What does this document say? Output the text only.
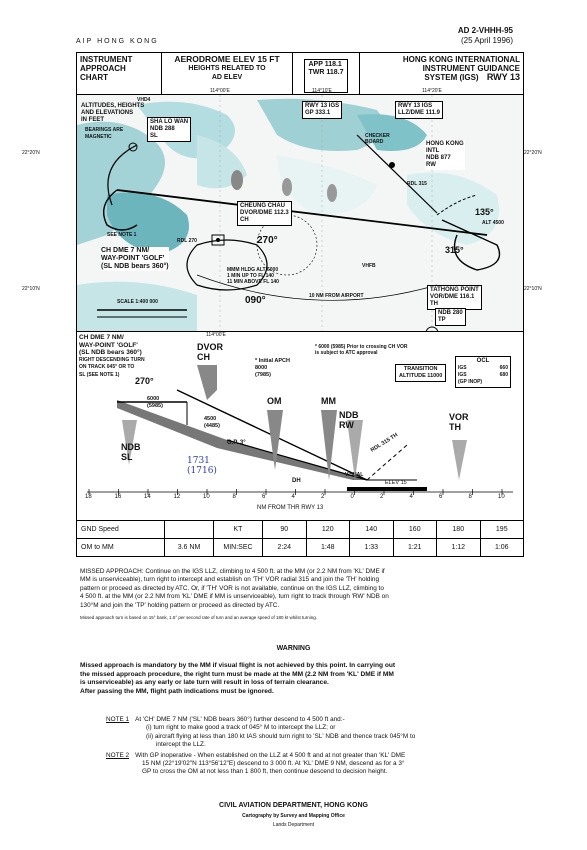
AIP HONG KONG
AD 2-VHHH-95
(25 April 1996)
INSTRUMENT
APPROACH
CHART
AERODROME ELEV 15 FT
HEIGHTS RELATED TO
AD ELEV
APP 118.1
TWR 118.7
HONG KONG INTERNATIONAL
INSTRUMENT GUIDANCE
SYSTEM (IGS) RWY 13
ALTITUDES, HEIGHTS
AND ELEVATIONS
IN FEET
BEARINGS ARE
MAGNETIC
SHA LO WAN
NDB 288
SL
RWY 13 IGS
GP 333.1
RWY 13 IGS
LLZ/DME 111.9
HONG KONG
INTL
NDB 877
RW
CHECKER
BOARD
CHEUNG CHAU
DVOR/DME 112.3
CH
SEE NOTE 1
RDL 270
CH DME 7 NM/
WAY-POINT 'GOLF'
(SL NDB bears 360°)
SCALE 1:400 000
MMM HLDG ALT 6000
1 MIN UP TO FL 140
11 MIN ABOVE FL 140
10 NM FROM AIRPORT
TATHONG POINT
VOR/DME 116.1
TH
NDB 280
TP
270°
090°
135°
315°
ALT 4500
RDL 315
VHFB
VHD4
22°20'N	22°20'N
22°10'N	22°10'N
114°00'E	114°10'E	114°20'E
114°00'E
CH DME 7 NM/
WAY-POINT 'GOLF'
(SL NDB bears 360°)
RIGHT DESCENDING TURN
ON TRACK 045° OR TO
SL (SEE NOTE 1)
DVOR
CH	* Initial APCH
8000
(7985)
* 6000 (5985) Prior to crossing CH VOR
is subject to ATC approval
TRANSITION
ALTITUDE 11000
OCL
IGS	660
IGS	680
(GP INOP)
270°
6000
(5985)
4500
(4485)
G.P. 3°
1731
(1716)
NDB
SL
OM	MM
NDB
RW
RDL 315 TH
VOR
TH
DH
VISUAL
ELEV 15
18	16	14	12	10	8	6	4	2	0	2	4	6	8	10
NM FROM THR RWY 13
GND Speed		KT	90	120	140	160	180	195
OM to MM	3.6 NM	MIN:SEC	2:24	1:48	1:33	1:21	1:12	1:06
MISSED APPROACH: Continue on the IGS LLZ, climbing to 4 500 ft. at the MM (or 2.2 NM from 'KL' DME if
MM is unserviceable), turn right to intercept and establish on 'TH' VOR radial 315 and join the 'TH' holding
pattern or proceed as directed by ATC. Or, if 'TH' VOR is not available, continue on the IGS LLZ, climbing to
4 500 ft. at the MM (or 2.2 NM from 'KL' DME if MM is unserviceable), turn right to track through 'RW' NDB on
130°M and join the 'TP' holding pattern or proceed as directed by ATC.
Missed approach turn is based on 15° bank, 1.5° per second rate of turn and an average speed of 180 kt whilst turning.
WARNING
Missed approach is mandatory by the MM if visual flight is not achieved by this point. In carrying out
the missed approach procedure, the right turn must be made at the MM (2.2 NM from 'KL' DME if MM
is unserviceable) as any early or late turn will result in loss of terrain clearance.
After passing the MM, flight path indications must be ignored.
NOTE 1 At 'CH' DME 7 NM ('SL' NDB bears 360°) further descend to 4 500 ft and:-
(i) turn right to make good a track of 045° M to intercept the LLZ; or
(ii) aircraft flying at less than 180 kt IAS should turn right to 'SL' NDB and thence track 045°M to
intercept the LLZ.
NOTE 2 With GP inoperative - When established on the LLZ at 4 500 ft and at not greater than 'KL' DME
15 NM (22°19'02"N 113°56'12"E) descend to 3 000 ft. At 'KL' DME 9 NM, descend as for a 3°
GP to cross the OM at not less than 1 800 ft, then continue descend to decision height.
CIVIL AVIATION DEPARTMENT, HONG KONG
Cartography by Survey and Mapping Office
Lands Department
